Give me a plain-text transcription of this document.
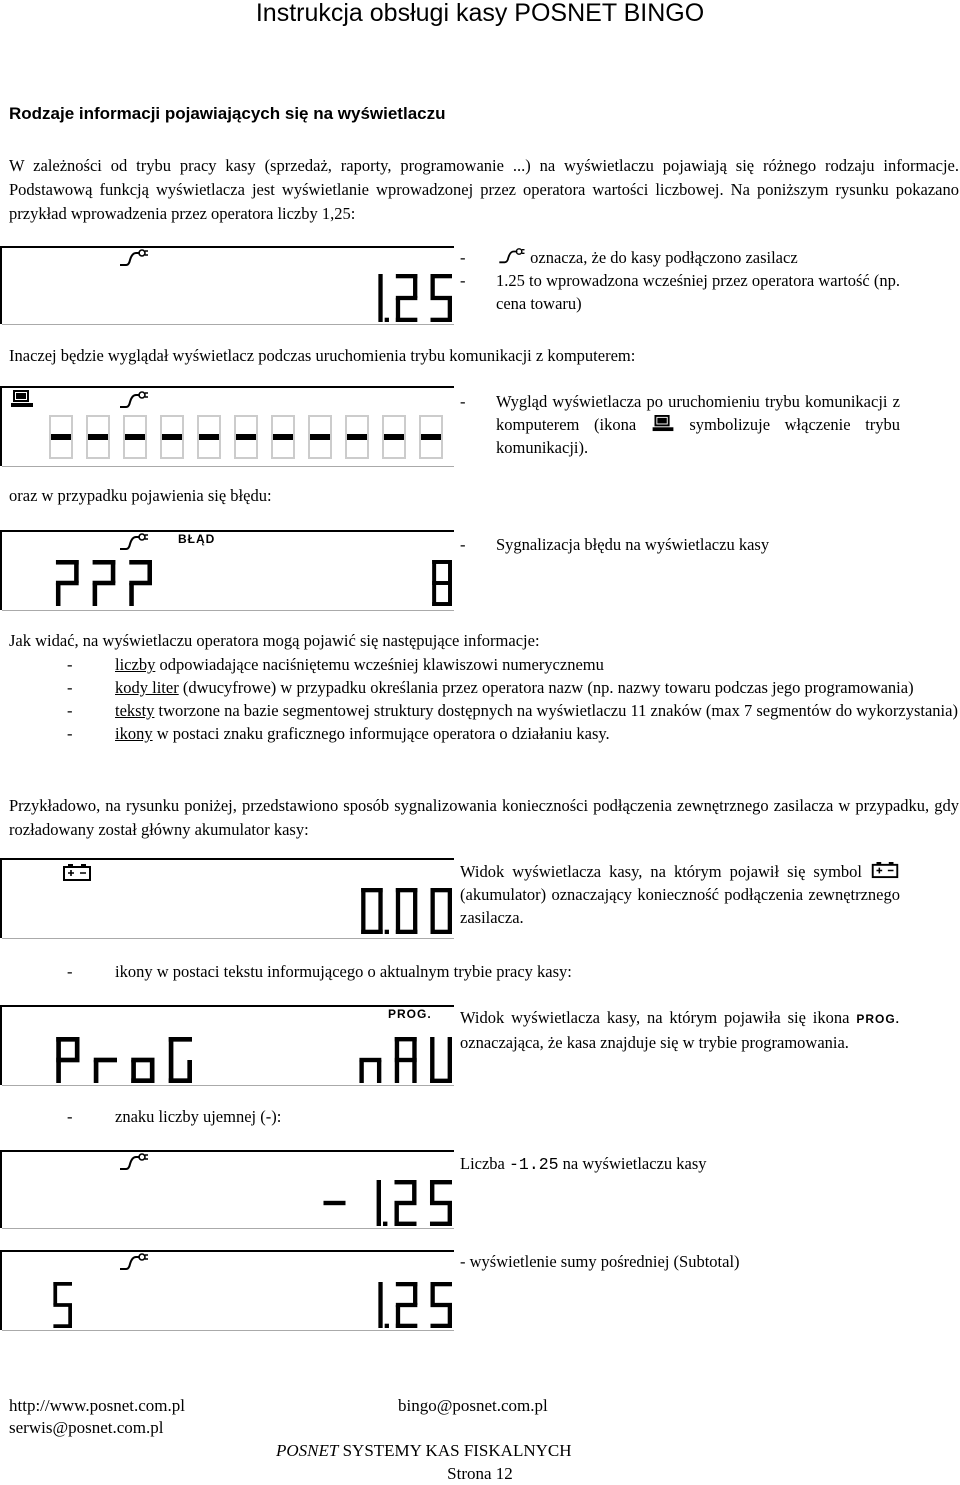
Instrukcja obsługi kasy POSNET BINGO
Rodzaje informacji pojawiających się na wyświetlaczu
W zależności od trybu pracy kasy (sprzedaż, raporty, programowanie ...) na wyświetlaczu pojawiają się różnego rodzaju informacje. Podstawową funkcją wyświetlacza jest wyświetlanie wprowadzonej przez operatora wartości liczbowej. Na poniższym rysunku pokazano przykład wprowadzenia przez operatora liczby 1,25:
-	oznacza, że do kasy podłączono zasilacz
-	1.25 to wprowadzona wcześniej przez operatora wartość (np. cena towaru)
Inaczej będzie wyglądał wyświetlacz podczas uruchomienia trybu komunikacji z komputerem:
-	Wygląd wyświetlacza po uruchomieniu trybu komunikacji z komputerem (ikona	symbolizuje włączenie trybu komunikacji).
oraz w przypadku pojawienia się błędu:
BŁĄD	-	Sygnalizacja błędu na wyświetlaczu kasy
Jak widać, na wyświetlaczu operatora mogą pojawić się następujące informacje:
-	liczby odpowiadające naciśniętemu wcześniej klawiszowi numerycznemu
-	kody liter (dwucyfrowe) w przypadku określania przez operatora nazw (np. nazwy towaru podczas jego programowania)
-	teksty tworzone na bazie segmentowej struktury dostępnych na wyświetlaczu 11 znaków (max 7 segmentów do wykorzystania)
-	ikony w postaci znaku graficznego informujące operatora o działaniu kasy.
Przykładowo, na rysunku poniżej, przedstawiono sposób sygnalizowania konieczności podłączenia zewnętrznego zasilacza w przypadku, gdy rozładowany został główny akumulator kasy:
Widok wyświetlacza kasy, na którym pojawił się symbol  (akumulator) oznaczający konieczność podłączenia zewnętrznego zasilacza.
-	ikony w postaci tekstu informującego o aktualnym trybie pracy kasy:
PROG. Widok wyświetlacza kasy, na którym pojawiła się ikona PROG. oznaczająca, że kasa znajduje się w trybie programowania.
-	znaku liczby ujemnej (-):
Liczba -1.25 na wyświetlaczu kasy
- wyświetlenie sumy pośredniej (Subtotal)
http://www.posnet.com.pl
serwis@posnet.com.pl
bingo@posnet.com.pl
POSNET SYSTEMY KAS FISKALNYCH
Strona 12
